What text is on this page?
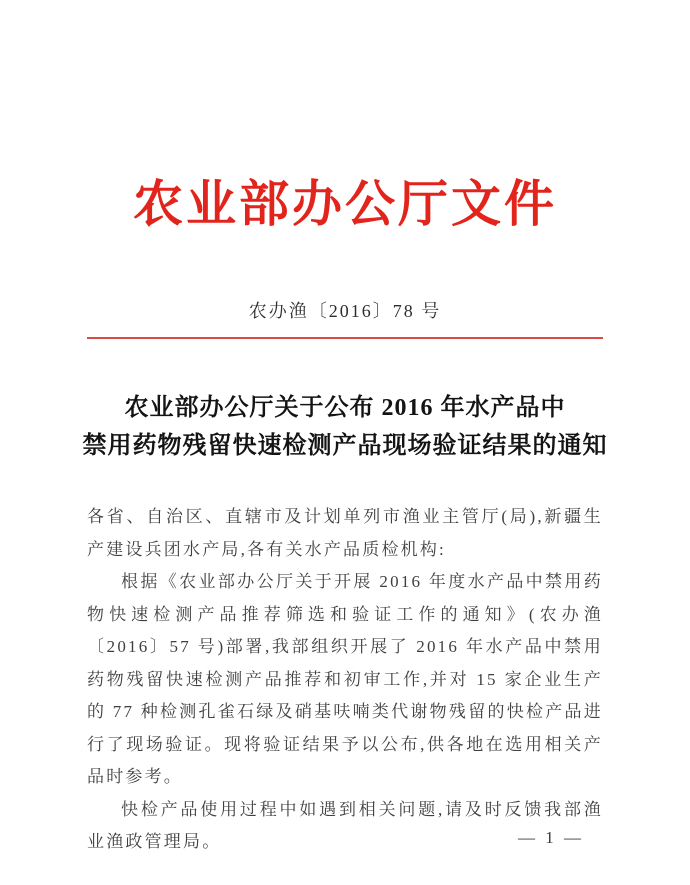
农业部办公厅文件
农办渔〔2016〕78 号
农业部办公厅关于公布 2016 年水产品中
禁用药物残留快速检测产品现场验证结果的通知

各省、自治区、直辖市及计划单列市渔业主管厅(局),新疆生产建设兵团水产局,各有关水产品质检机构:

根据《农业部办公厅关于开展 2016 年度水产品中禁用药物快速检测产品推荐筛选和验证工作的通知》(农办渔〔2016〕57 号)部署,我部组织开展了 2016 年水产品中禁用药物残留快速检测产品推荐和初审工作,并对 15 家企业生产的 77 种检测孔雀石绿及硝基呋喃类代谢物残留的快检产品进行了现场验证。现将验证结果予以公布,供各地在选用相关产品时参考。

快检产品使用过程中如遇到相关问题,请及时反馈我部渔业渔政管理局。	— 1 —
